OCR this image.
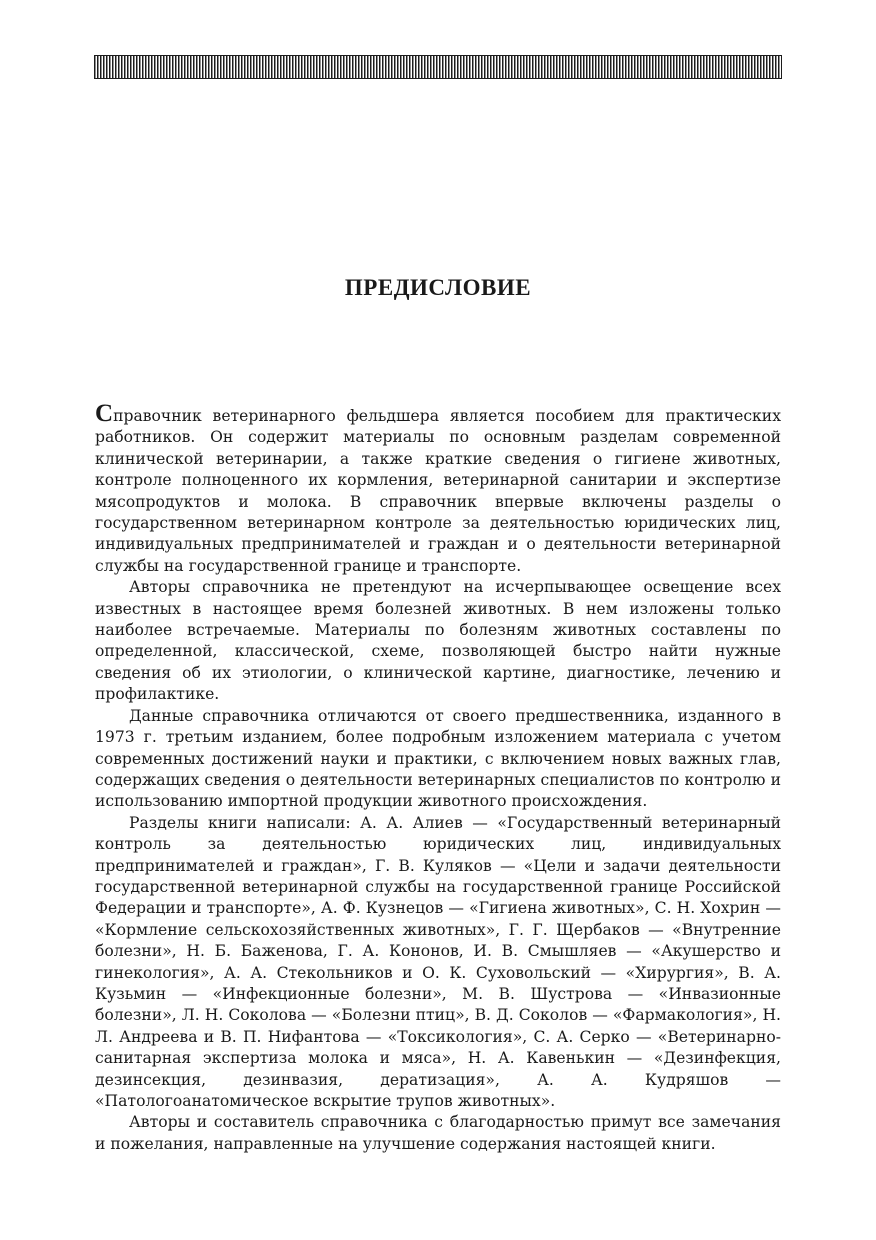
ПРЕДИСЛОВИЕ

Справочник ветеринарного фельдшера является пособием для практических работников. Он содержит материалы по основным разделам современной клинической ветеринарии, а также краткие сведения о гигиене животных, контроле полноценного их кормления, ветеринарной санитарии и экспертизе мясопродуктов и молока. В справочник впервые включены разделы о государственном ветеринарном контроле за деятельностью юридических лиц, индивидуальных предпринимателей и граждан и о деятельности ветеринарной службы на государственной границе и транспорте.

Авторы справочника не претендуют на исчерпывающее освещение всех известных в настоящее время болезней животных. В нем изложены только наиболее встречаемые. Материалы по болезням животных составлены по определенной, классической, схеме, позволяющей быстро найти нужные сведения об их этиологии, о клинической картине, диагностике, лечению и профилактике.

Данные справочника отличаются от своего предшественника, изданного в 1973 г. третьим изданием, более подробным изложением материала с учетом современных достижений науки и практики, с включением новых важных глав, содержащих сведения о деятельности ветеринарных специалистов по контролю и использованию импортной продукции животного происхождения.

Разделы книги написали: А. А. Алиев — «Государственный ветеринарный контроль за деятельностью юридических лиц, индивидуальных предпринимателей и граждан», Г. В. Куляков — «Цели и задачи деятельности государственной ветеринарной службы на государственной границе Российской Федерации и транспорте», А. Ф. Кузнецов — «Гигиена животных», С. Н. Хохрин — «Кормление сельскохозяйственных животных», Г. Г. Щербаков — «Внутренние болезни», Н. Б. Баженова, Г. А. Кононов, И. В. Смышляев — «Акушерство и гинекология», А. А. Стекольников и О. К. Суховольский — «Хирургия», В. А. Кузьмин — «Инфекционные болезни», М. В. Шустрова — «Инвазионные болезни», Л. Н. Соколова — «Болезни птиц», В. Д. Соколов — «Фармакология», Н. Л. Андреева и В. П. Нифантова — «Токсикология», С. А. Серко — «Ветеринарно-санитарная экспертиза молока и мяса», Н. А. Кавенькин — «Дезинфекция, дезинсекция, дезинвазия, дератизация», А. А. Кудряшов — «Патологоанатомическое вскрытие трупов животных».

Авторы и составитель справочника с благодарностью примут все замечания и пожелания, направленные на улучшение содержания настоящей книги.
